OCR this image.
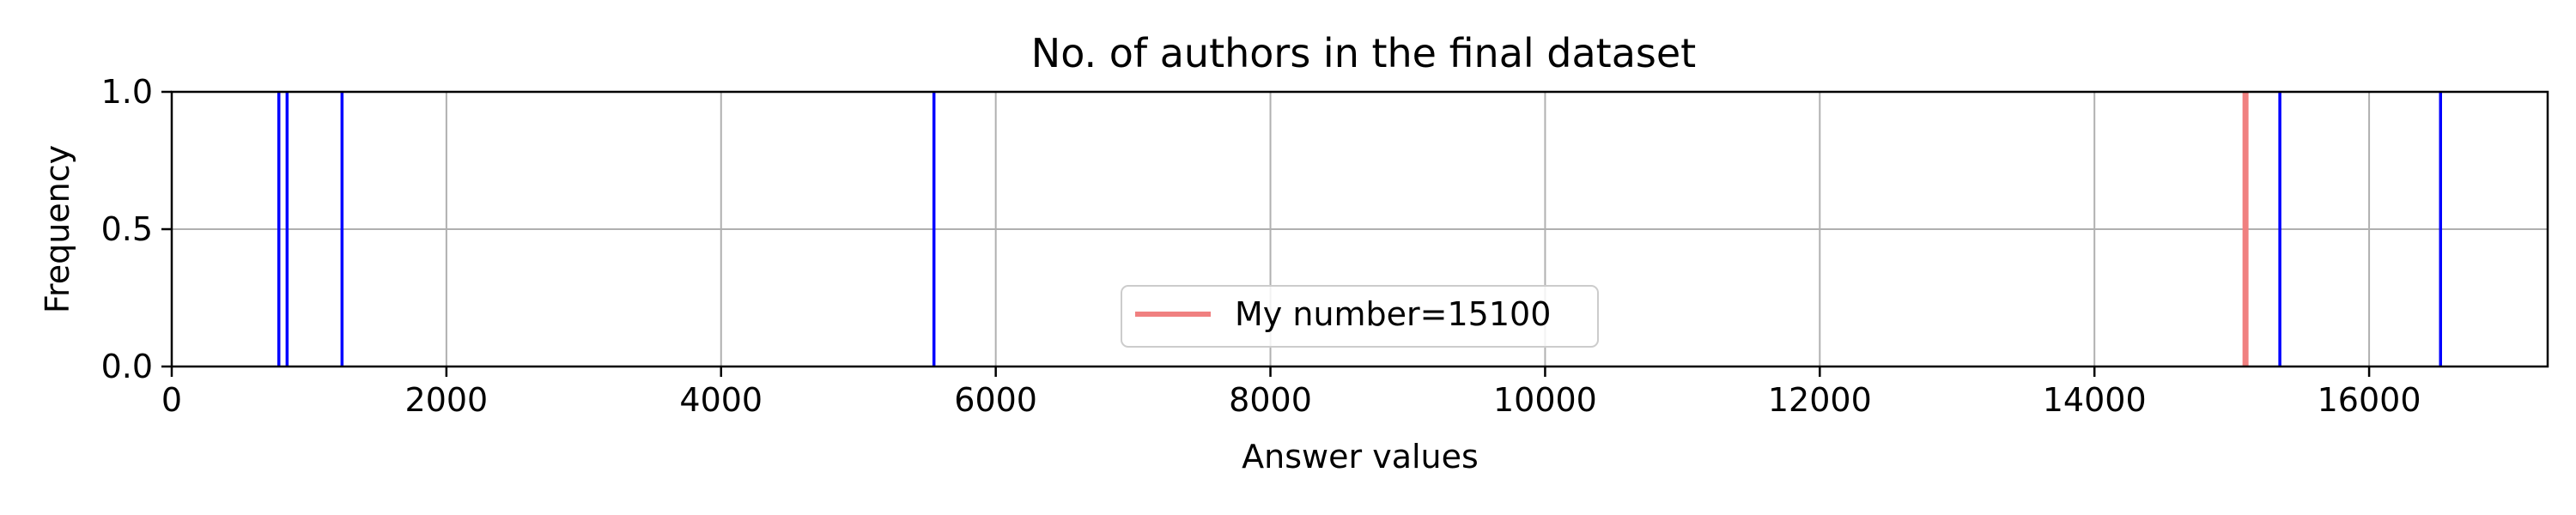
No. of authors in the final dataset
0	2000	4000	6000	8000	10000	12000	14000	16000
0.0
0.5
1.0
Answer values
Frequency
My number=15100
